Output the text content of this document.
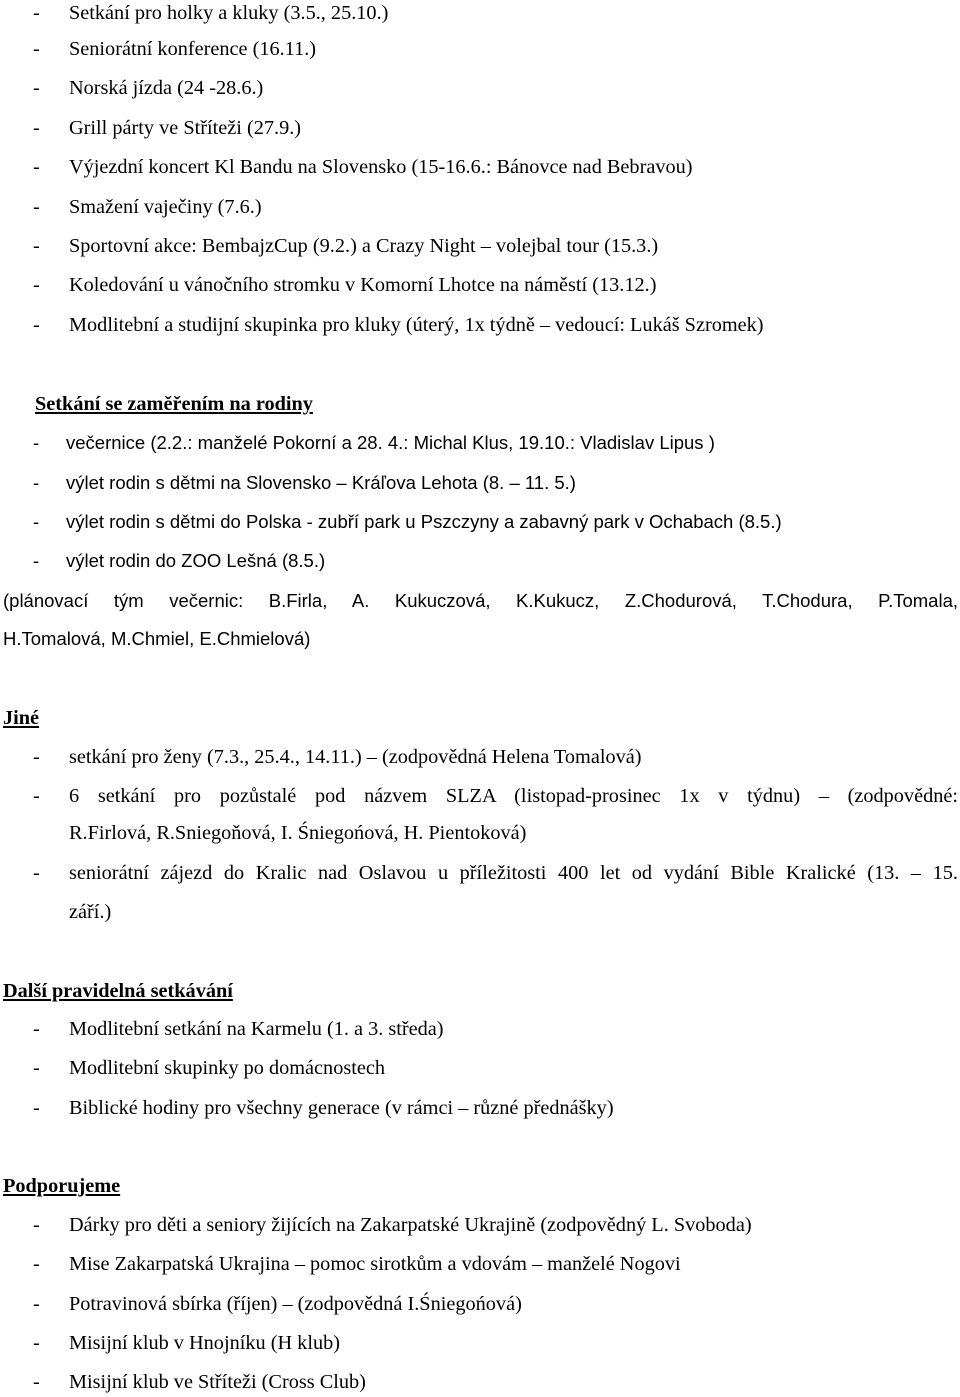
- Setkání pro holky a kluky (3.5., 25.10.)
- Seniorátní konference (16.11.)
- Norská jízda (24 -28.6.)
- Grill párty ve Stříteži (27.9.)
- Výjezdní koncert Kl Bandu na Slovensko (15-16.6.: Bánovce nad Bebravou)
- Smažení vaječiny (7.6.)
- Sportovní akce: BembajzCup (9.2.) a Crazy Night – volejbal tour (15.3.)
- Koledování u vánočního stromku v Komorní Lhotce na náměstí (13.12.)
- Modlitební a studijní skupinka pro kluky (úterý, 1x týdně – vedoucí: Lukáš Szromek)
Setkání se zaměřením na rodiny
- večernice (2.2.: manželé Pokorní a 28. 4.: Michal Klus, 19.10.: Vladislav Lipus )
- výlet rodin s dětmi na Slovensko – Kráľova Lehota (8. – 11. 5.)
- výlet rodin s dětmi do Polska - zubří park u Pszczyny a zabavný park v Ochabach (8.5.)
- výlet rodin do ZOO Lešná (8.5.)
(plánovací tým večernic: B.Firla, A. Kukuczová, K.Kukucz, Z.Chodurová, T.Chodura, P.Tomala,
H.Tomalová, M.Chmiel, E.Chmielová)
Jiné
- setkání pro ženy (7.3., 25.4., 14.11.) – (zodpovědná Helena Tomalová)
- 6 setkání pro pozůstalé pod názvem SLZA (listopad-prosinec 1x v týdnu) – (zodpovědné:
R.Firlová, R.Sniegoňová, I. Śniegońová, H. Pientoková)
- seniorátní zájezd do Kralic nad Oslavou u příležitosti 400 let od vydání Bible Kralické (13. – 15.
září.)
Další pravidelná setkávání
- Modlitební setkání na Karmelu (1. a 3. středa)
- Modlitební skupinky po domácnostech
- Biblické hodiny pro všechny generace (v rámci – různé přednášky)
Podporujeme
- Dárky pro děti a seniory žijících na Zakarpatské Ukrajině (zodpovědný L. Svoboda)
- Mise Zakarpatská Ukrajina – pomoc sirotkům a vdovám – manželé Nogovi
- Potravinová sbírka (říjen) – (zodpovědná I.Śniegońová)
- Misijní klub v Hnojníku (H klub)
- Misijní klub ve Stříteži (Cross Club)
